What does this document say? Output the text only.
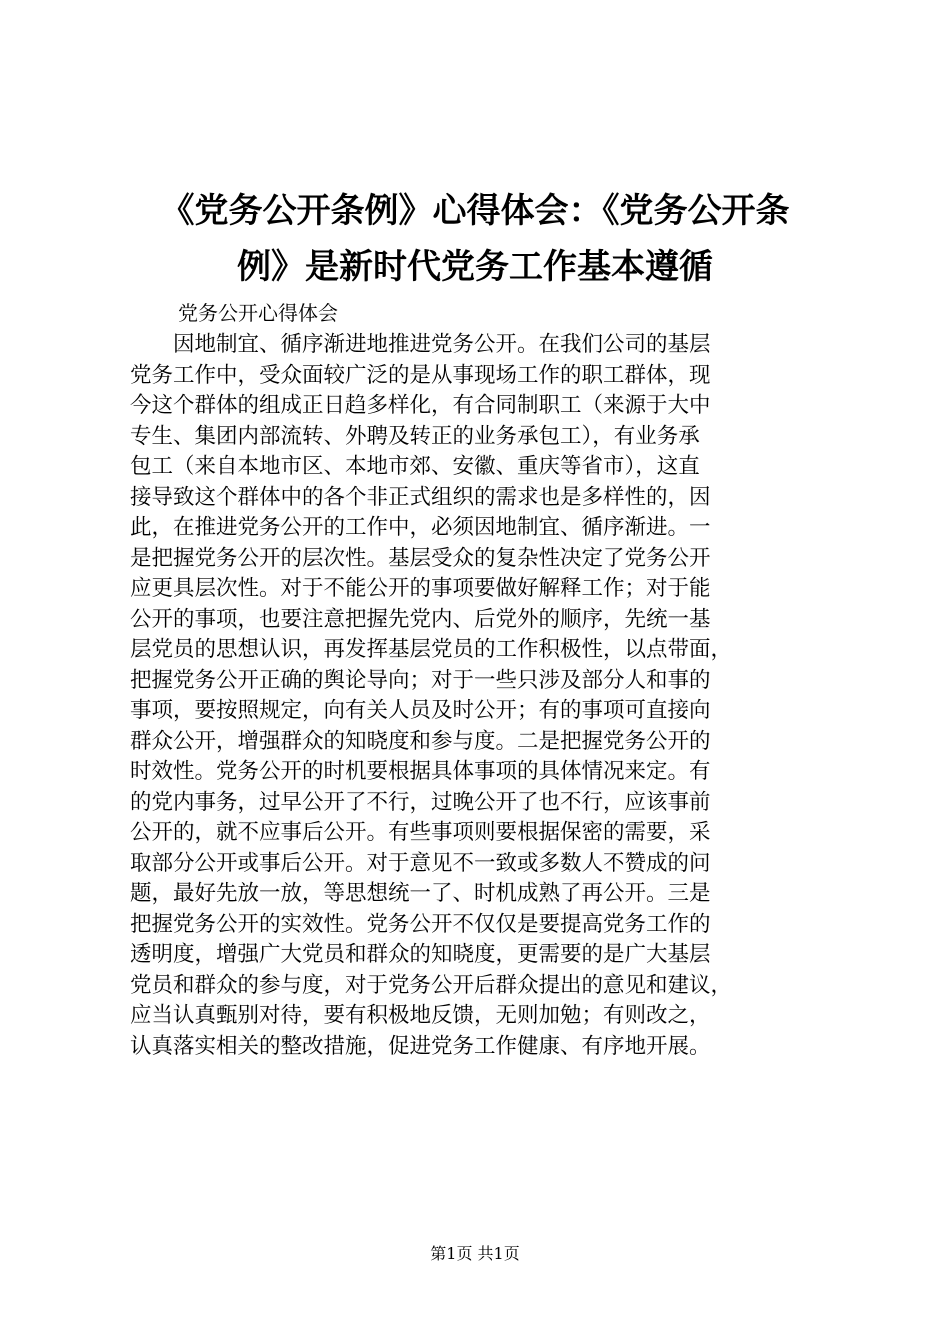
《党务公开条例》心得体会：《党务公开条
例》是新时代党务工作基本遵循

党务公开心得体会

　　因地制宜、循序渐进地推进党务公开。在我们公司的基层
党务工作中，受众面较广泛的是从事现场工作的职工群体，现
今这个群体的组成正日趋多样化，有合同制职工（来源于大中
专生、集团内部流转、外聘及转正的业务承包工），有业务承
包工（来自本地市区、本地市郊、安徽、重庆等省市），这直
接导致这个群体中的各个非正式组织的需求也是多样性的，因
此，在推进党务公开的工作中，必须因地制宜、循序渐进。一
是把握党务公开的层次性。基层受众的复杂性决定了党务公开
应更具层次性。对于不能公开的事项要做好解释工作；对于能
公开的事项，也要注意把握先党内、后党外的顺序，先统一基
层党员的思想认识，再发挥基层党员的工作积极性，以点带面，
把握党务公开正确的舆论导向；对于一些只涉及部分人和事的
事项，要按照规定，向有关人员及时公开；有的事项可直接向
群众公开，增强群众的知晓度和参与度。二是把握党务公开的
时效性。党务公开的时机要根据具体事项的具体情况来定。有
的党内事务，过早公开了不行，过晚公开了也不行，应该事前
公开的，就不应事后公开。有些事项则要根据保密的需要，采
取部分公开或事后公开。对于意见不一致或多数人不赞成的问
题，最好先放一放，等思想统一了、时机成熟了再公开。三是
把握党务公开的实效性。党务公开不仅仅是要提高党务工作的
透明度，增强广大党员和群众的知晓度，更需要的是广大基层
党员和群众的参与度，对于党务公开后群众提出的意见和建议，
应当认真甄别对待，要有积极地反馈，无则加勉；有则改之，
认真落实相关的整改措施，促进党务工作健康、有序地开展。

第1页 共1页
